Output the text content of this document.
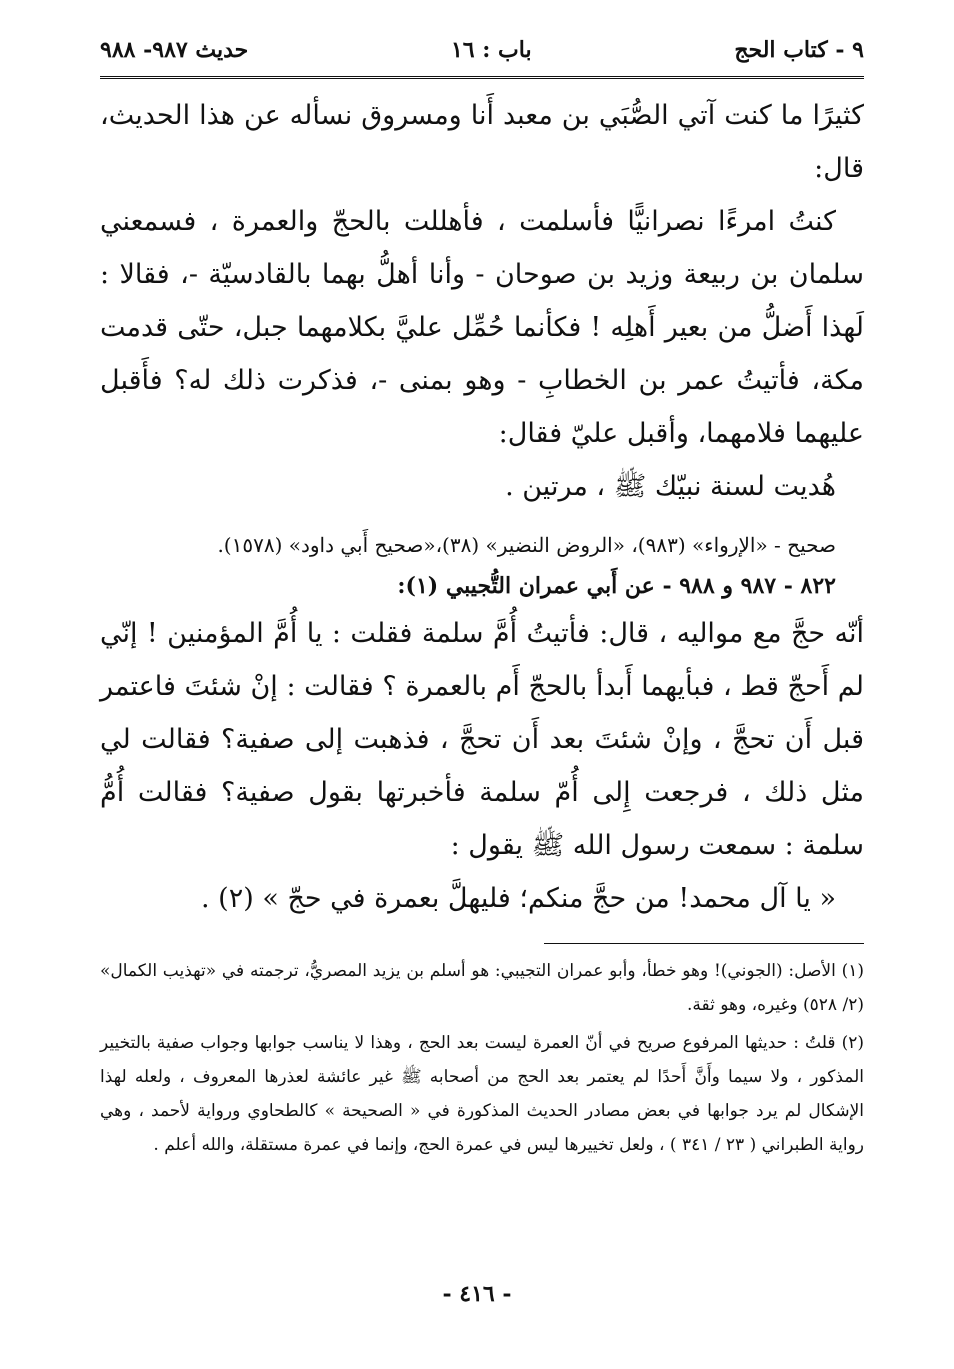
٩ - كتاب الحج
باب : ١٦
حديث ٩٨٧- ٩٨٨

كثيرًا ما كنت آتي الصُّبَي بن معبد أَنا ومسروق نسأله عن هذا الحديث، قال:

كنتُ امرءًا نصرانيًّا فأسلمت ، فأهللت بالحجّ والعمرة ، فسمعني سلمان بن ربيعة وزيد بن صوحان - وأنا أهلُّ بهما بالقادسيّة -، فقالا : لَهذا أَضلُّ من بعير أَهلِه ! فكأنما حُمِّل عليَّ بكلامهما جبل، حتّى قدمت مكة، فأتيتُ عمر بن الخطابِ - وهو بمنى -، فذكرت ذلك له؟ فأَقبل عليهما فلامهما، وأقبل عليّ فقال:

هُديت لسنة نبيّك ﷺ ، مرتين .

صحيح - «الإرواء» (٩٨٣)، «الروض النضير» (٣٨)،«صحيح أَبي داود» (١٥٧٨).
٨٢٢ - ٩٨٧ و ٩٨٨ - عن أَبي عمران التُّجيبي (١):

أنّه حجَّ مع مواليه ، قال: فأتيتُ أُمَّ سلمة فقلت : يا أُمَّ المؤمنين ! إنّي لم أَحجّ قط ، فبأيهما أَبدأ بالحجّ أَم بالعمرة ؟ فقالت : إنْ شئتَ فاعتمر قبل أَن تحجَّ ، وإنْ شئتَ بعد أَن تحجَّ ، فذهبت إلى صفية؟ فقالت لي مثل ذلك ، فرجعت إِلى أُمّ سلمة فأخبرتها بقول صفية؟ فقالت أُمُّ سلمة : سمعت رسول الله ﷺ يقول :

« يا آل محمد! من حجَّ منكم؛ فليهلَّ بعمرة في حجّ » (٢) .

(١) الأصل: (الجوني)! وهو خطأ، وأبو عمران التجيبي: هو أسلم بن يزيد المصريُّ، ترجمته في «تهذيب الكمال» (٢/ ٥٢٨) وغيره، وهو ثقة.

(٢) قلتُ : حديثها المرفوع صريح في أنّ العمرة ليست بعد الحج ، وهذا لا يناسب جوابها وجواب صفية بالتخيير المذكور ، ولا سيما وأَنَّ أَحدًا لم يعتمر بعد الحج من أصحابه ﷺ غير عائشة لعذرها المعروف ، ولعله لهذا الإشكال لم يرد جوابها في بعض مصادر الحديث المذكورة في « الصحيحة » كالطحاوي ورواية لأحمد ، وهي رواية الطبراني ( ٢٣ / ٣٤١ ) ، ولعل تخييرها ليس في عمرة الحج، وإنما في عمرة مستقلة، والله أعلم .

- ٤١٦ -
